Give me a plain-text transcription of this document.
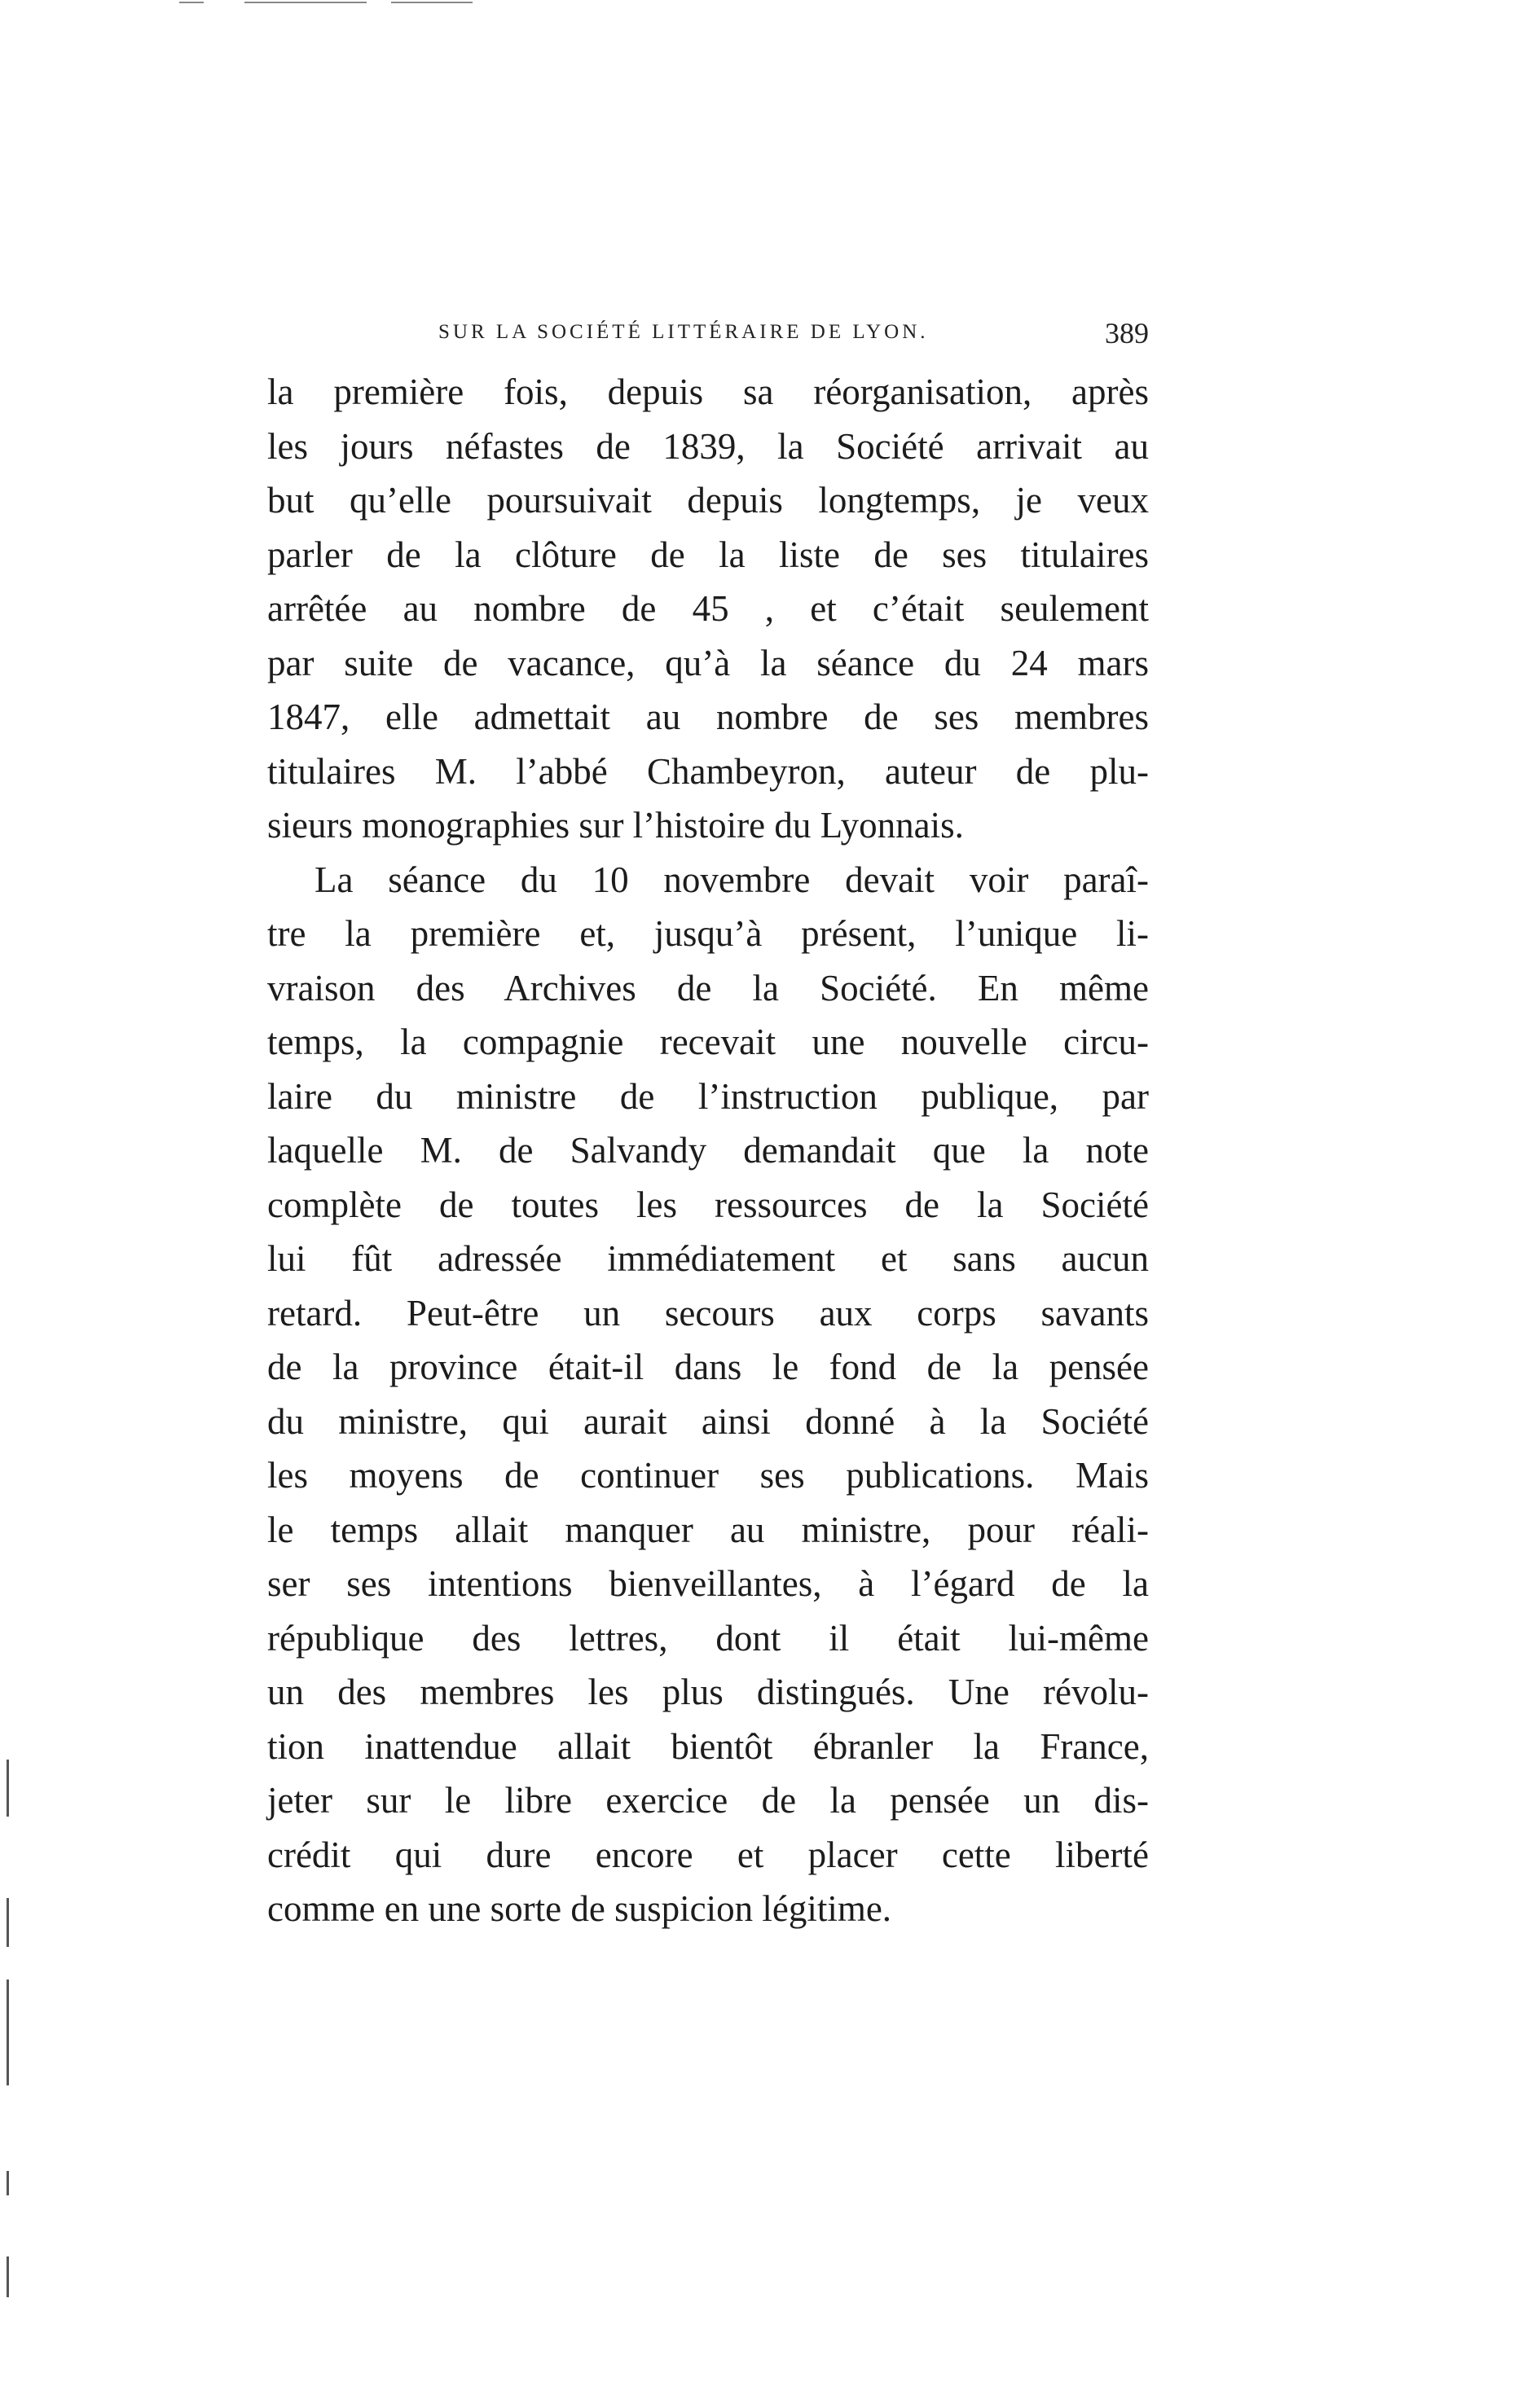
SUR LA SOCIÉTÉ LITTÉRAIRE DE LYON.	389
la première fois, depuis sa réorganisation, après
les jours néfastes de 1839, la Société arrivait au
but qu’elle poursuivait depuis longtemps, je veux
parler de la clôture de la liste de ses titulaires
arrêtée au nombre de 45 , et c’était seulement
par suite de vacance, qu’à la séance du 24 mars
1847, elle admettait au nombre de ses membres
titulaires M. l’abbé Chambeyron, auteur de plu-
sieurs monographies sur l’histoire du Lyonnais.
La séance du 10 novembre devait voir paraî-
tre la première et, jusqu’à présent, l’unique li-
vraison des Archives de la Société. En même
temps, la compagnie recevait une nouvelle circu-
laire du ministre de l’instruction publique, par
laquelle M. de Salvandy demandait que la note
complète de toutes les ressources de la Société
lui fût adressée immédiatement et sans aucun
retard. Peut-être un secours aux corps savants
de la province était-il dans le fond de la pensée
du ministre, qui aurait ainsi donné à la Société
les moyens de continuer ses publications. Mais
le temps allait manquer au ministre, pour réali-
ser ses intentions bienveillantes, à l’égard de la
république des lettres, dont il était lui-même
un des membres les plus distingués. Une révolu-
tion inattendue allait bientôt ébranler la France,
jeter sur le libre exercice de la pensée un dis-
crédit qui dure encore et placer cette liberté
comme en une sorte de suspicion légitime.
